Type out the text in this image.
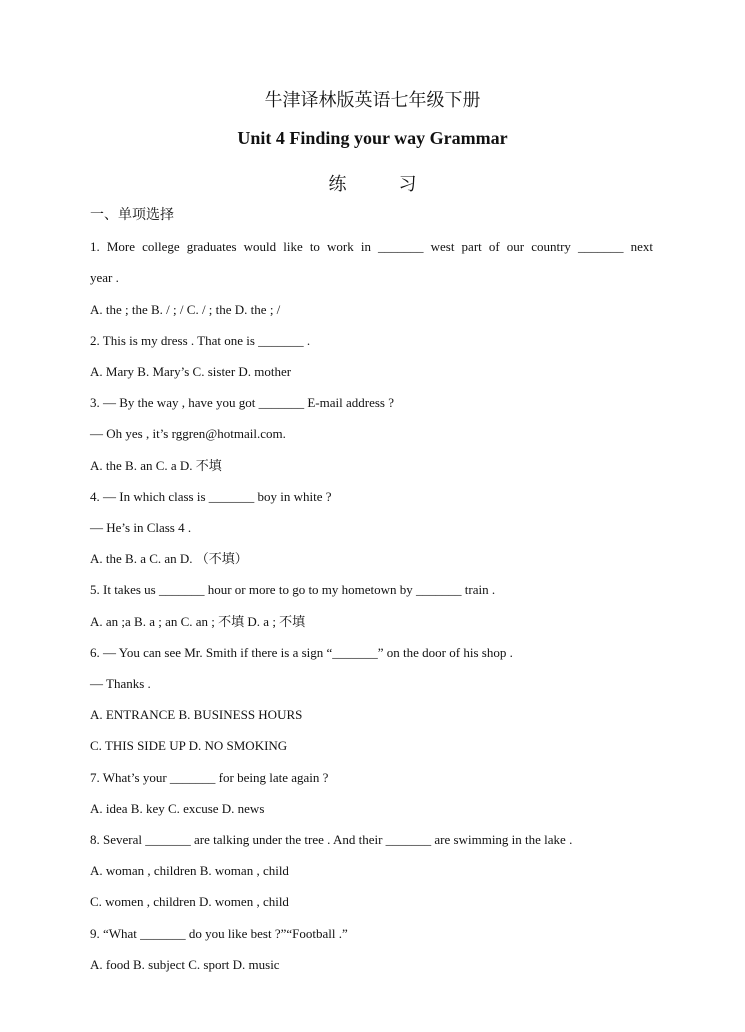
牛津译林版英语七年级下册
Unit 4 Finding your way Grammar
练	习
一、单项选择
1. More college graduates would like to work in _______ west part of our country _______ next
year .
A. the ; the B. / ; / C. / ; the D. the ; /
2. This is my dress . That one is _______ .
A. Mary B. Mary’s C. sister D. mother
3. — By the way , have you got _______ E-mail address ?
— Oh yes , it’s rggren@hotmail.com.
A. the B. an C. a D. 不填
4. — In which class is _______ boy in white ?
— He’s in Class 4 .
A. the B. a C. an D. （不填）
5. It takes us _______ hour or more to go to my hometown by _______ train .
A. an ;a B. a ; an C. an ; 不填 D. a ; 不填
6. — You can see Mr. Smith if there is a sign “_______” on the door of his shop .
— Thanks .
A. ENTRANCE B. BUSINESS HOURS
C. THIS SIDE UP D. NO SMOKING
7. What’s your _______ for being late again ?
A. idea B. key C. excuse D. news
8. Several _______ are talking under the tree . And their _______ are swimming in the lake .
A. woman , children B. woman , child
C. women , children D. women , child
9. “What _______ do you like best ?”“Football .”
A. food B. subject C. sport D. music
